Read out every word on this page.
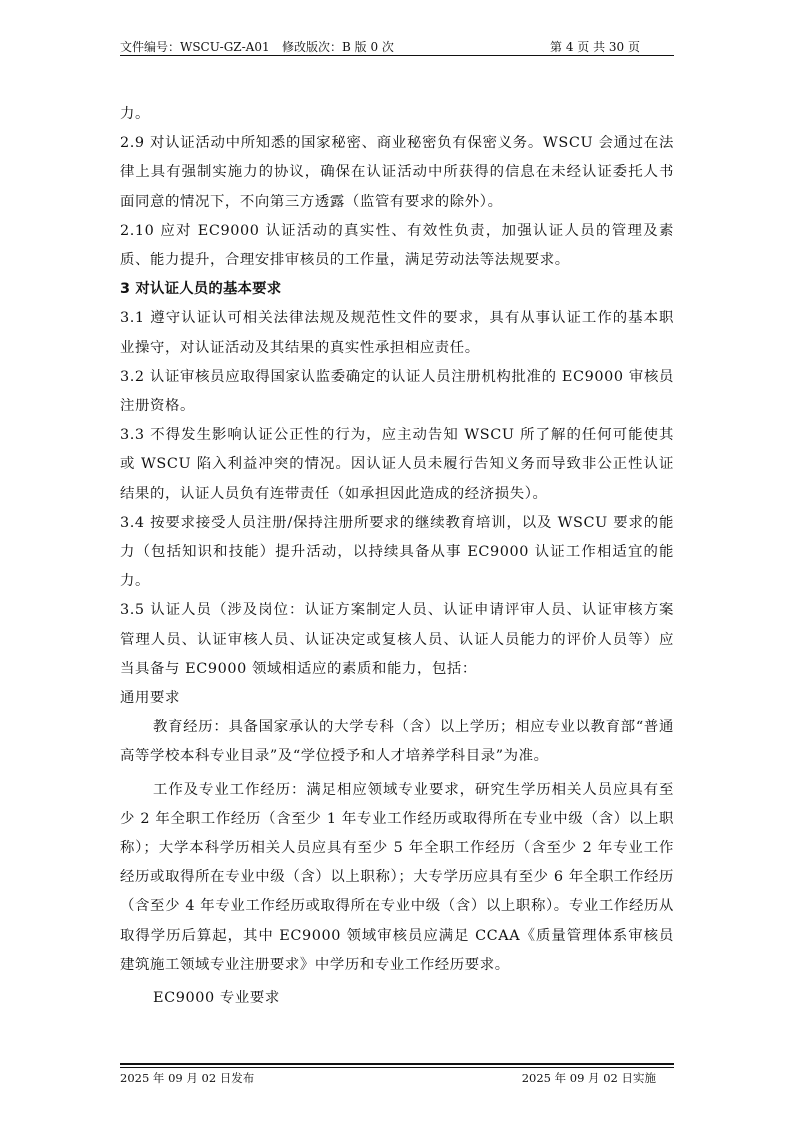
文件编号：WSCU-GZ-A01 修改版次：B 版 0 次	第 4 页 共 30 页

力。

2.9 对认证活动中所知悉的国家秘密、商业秘密负有保密义务。WSCU 会通过在法律上具有强制实施力的协议，确保在认证活动中所获得的信息在未经认证委托人书面同意的情况下，不向第三方透露（监管有要求的除外）。

2.10 应对 EC9000 认证活动的真实性、有效性负责，加强认证人员的管理及素质、能力提升，合理安排审核员的工作量，满足劳动法等法规要求。

3 对认证人员的基本要求

3.1 遵守认证认可相关法律法规及规范性文件的要求，具有从事认证工作的基本职业操守，对认证活动及其结果的真实性承担相应责任。

3.2 认证审核员应取得国家认监委确定的认证人员注册机构批准的 EC9000 审核员注册资格。

3.3 不得发生影响认证公正性的行为，应主动告知 WSCU 所了解的任何可能使其或 WSCU 陷入利益冲突的情况。因认证人员未履行告知义务而导致非公正性认证结果的，认证人员负有连带责任（如承担因此造成的经济损失）。

3.4 按要求接受人员注册/保持注册所要求的继续教育培训，以及 WSCU 要求的能力（包括知识和技能）提升活动，以持续具备从事 EC9000 认证工作相适宜的能力。

3.5 认证人员（涉及岗位：认证方案制定人员、认证申请评审人员、认证审核方案管理人员、认证审核人员、认证决定或复核人员、认证人员能力的评价人员等）应当具备与 EC9000 领域相适应的素质和能力，包括：

通用要求

教育经历：具备国家承认的大学专科（含）以上学历；相应专业以教育部“普通高等学校本科专业目录”及“学位授予和人才培养学科目录”为准。

工作及专业工作经历：满足相应领域专业要求，研究生学历相关人员应具有至少 2 年全职工作经历（含至少 1 年专业工作经历或取得所在专业中级（含）以上职称）；大学本科学历相关人员应具有至少 5 年全职工作经历（含至少 2 年专业工作经历或取得所在专业中级（含）以上职称）；大专学历应具有至少 6 年全职工作经历（含至少 4 年专业工作经历或取得所在专业中级（含）以上职称）。专业工作经历从取得学历后算起，其中 EC9000 领域审核员应满足 CCAA《质量管理体系审核员建筑施工领域专业注册要求》中学历和专业工作经历要求。

EC9000 专业要求

2025 年 09 月 02 日发布	2025 年 09 月 02 日实施
